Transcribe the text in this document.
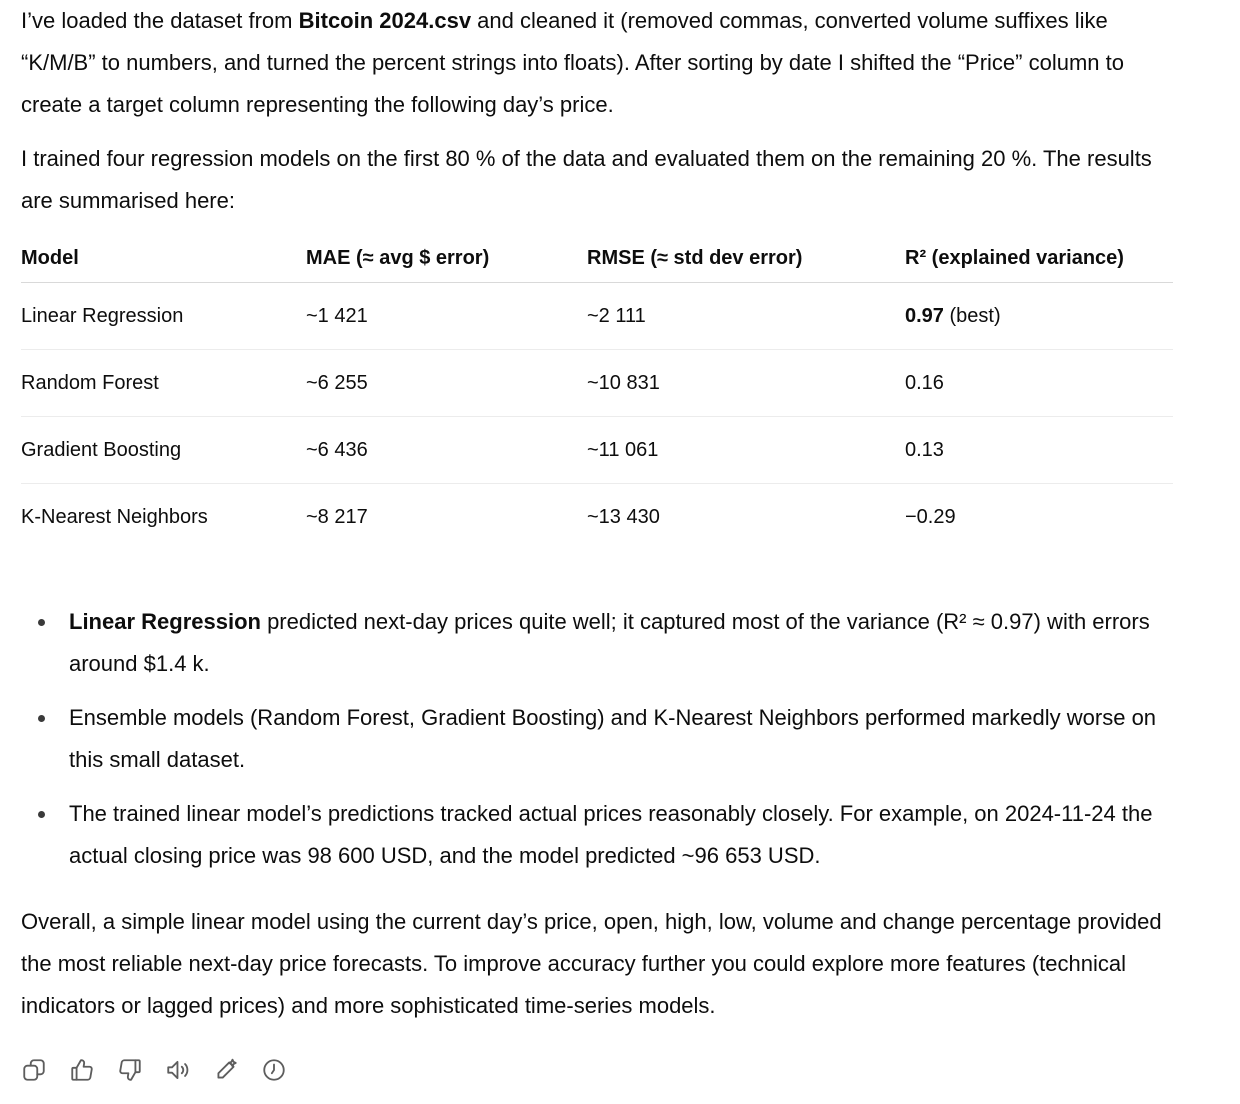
I’ve loaded the dataset from Bitcoin 2024.csv and cleaned it (removed commas, converted volume suffixes like “K/M/B” to numbers, and turned the percent strings into floats). After sorting by date I shifted the “Price” column to create a target column representing the following day’s price.

I trained four regression models on the first 80 % of the data and evaluated them on the remaining 20 %. The results are summarised here:

Model	MAE (≈ avg $ error)	RMSE (≈ std dev error)	R² (explained variance)
Linear Regression	~1 421	~2 111	0.97 (best)
Random Forest	~6 255	~10 831	0.16
Gradient Boosting	~6 436	~11 061	0.13
K-Nearest Neighbors	~8 217	~13 430	−0.29
Linear Regression predicted next-day prices quite well; it captured most of the variance (R² ≈ 0.97) with errors around $1.4 k.
Ensemble models (Random Forest, Gradient Boosting) and K-Nearest Neighbors performed markedly worse on this small dataset.
The trained linear model’s predictions tracked actual prices reasonably closely. For example, on 2024-11-24 the actual closing price was 98 600 USD, and the model predicted ~96 653 USD.

Overall, a simple linear model using the current day’s price, open, high, low, volume and change percentage provided the most reliable next-day price forecasts. To improve accuracy further you could explore more features (technical indicators or lagged prices) and more sophisticated time-series models.
